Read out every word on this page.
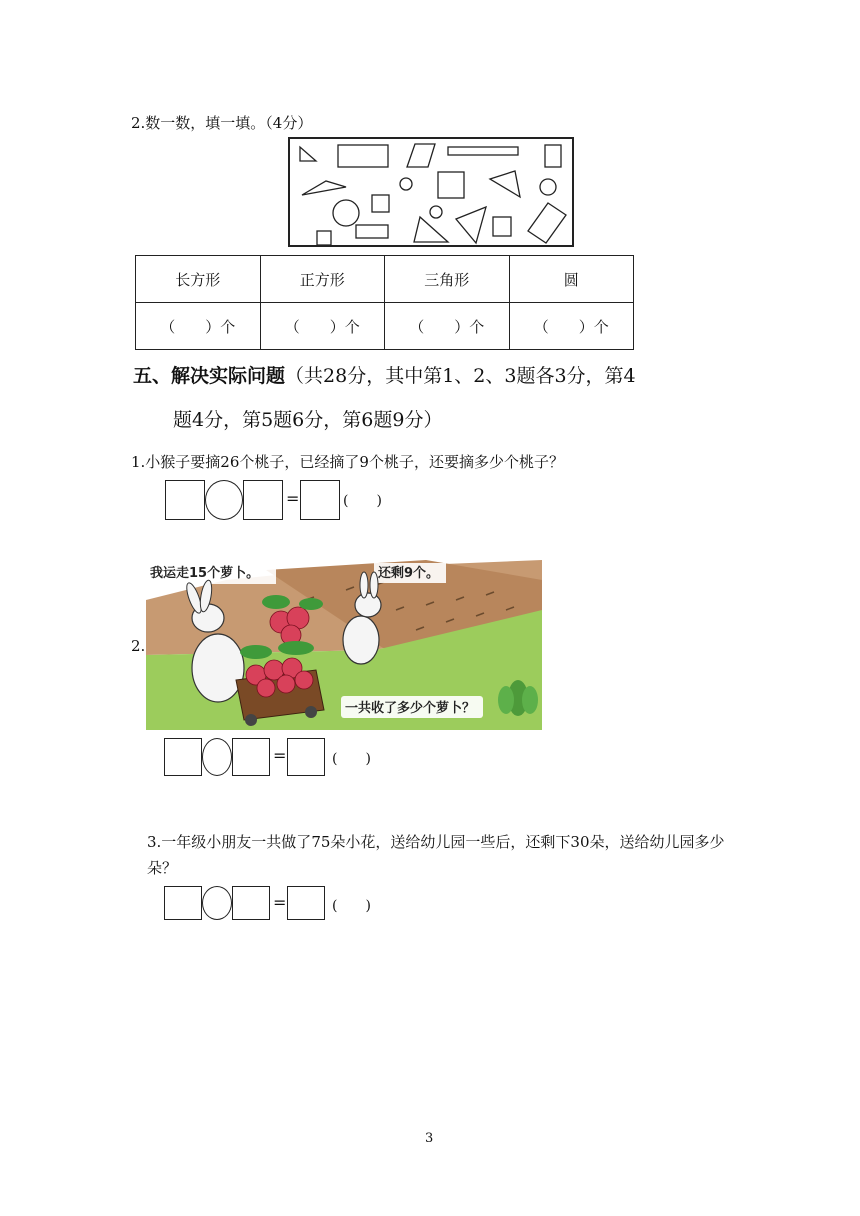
2.数一数，填一填。（4分）
长方形	正方形	三角形	圆
（　　）个	（　　）个	（　　）个	（　　）个
五、解决实际问题（共28分，其中第1、2、3题各3分，第4
题4分，第5题6分，第6题9分）
1.小猴子要摘26个桃子，已经摘了9个桃子，还要摘多少个桃子？
=	(　　)
2.
我运走15个萝卜。	还剩9个。
一共收了多少个萝卜？
=	(　　)
3.一年级小朋友一共做了75朵小花，送给幼儿园一些后，还剩下30朵，送给幼儿园多少朵？
=	(　　)
3
